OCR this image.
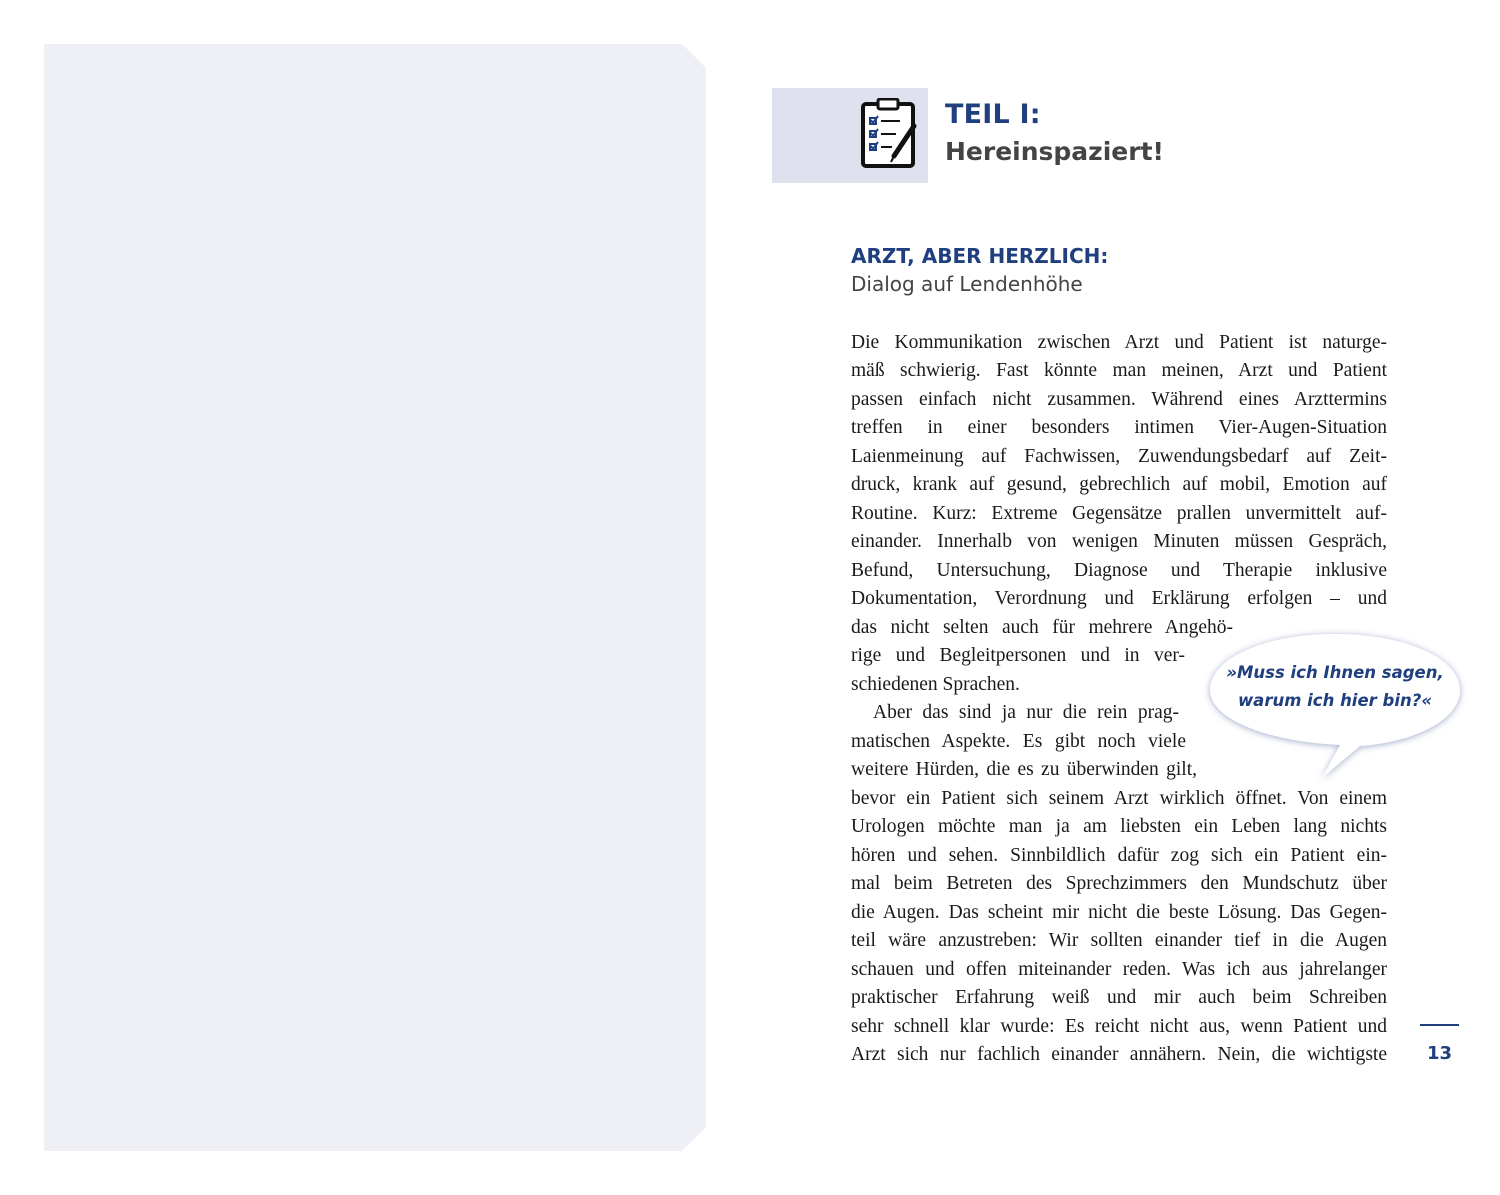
TEIL I:
Hereinspaziert!
ARZT, ABER HERZLICH:
Dialog auf Lendenhöhe
Die Kommunikation zwischen Arzt und Patient ist naturge-
mäß schwierig. Fast könnte man meinen, Arzt und Patient
passen einfach nicht zusammen. Während eines Arzttermins
treffen in einer besonders intimen Vier-Augen-Situation
Laienmeinung auf Fachwissen, Zuwendungsbedarf auf Zeit-
druck, krank auf gesund, gebrechlich auf mobil, Emotion auf
Routine. Kurz: Extreme Gegensätze prallen unvermittelt auf-
einander. Innerhalb von wenigen Minuten müssen Gespräch,
Befund, Untersuchung, Diagnose und Therapie inklusive
Dokumentation, Verordnung und Erklärung erfolgen – und
das nicht selten auch für mehrere Angehö-
rige und Begleitpersonen und in ver-
schiedenen Sprachen.
Aber das sind ja nur die rein prag-
matischen Aspekte. Es gibt noch viele
weitere Hürden, die es zu überwinden gilt,
bevor ein Patient sich seinem Arzt wirklich öffnet. Von einem
Urologen möchte man ja am liebsten ein Leben lang nichts
hören und sehen. Sinnbildlich dafür zog sich ein Patient ein-
mal beim Betreten des Sprechzimmers den Mundschutz über
die Augen. Das scheint mir nicht die beste Lösung. Das Gegen-
teil wäre anzustreben: Wir sollten einander tief in die Augen
schauen und offen miteinander reden. Was ich aus jahrelanger
praktischer Erfahrung weiß und mir auch beim Schreiben
sehr schnell klar wurde: Es reicht nicht aus, wenn Patient und
Arzt sich nur fachlich einander annähern. Nein, die wichtigste
»Muss ich Ihnen sagen,
warum ich hier bin?«
13
